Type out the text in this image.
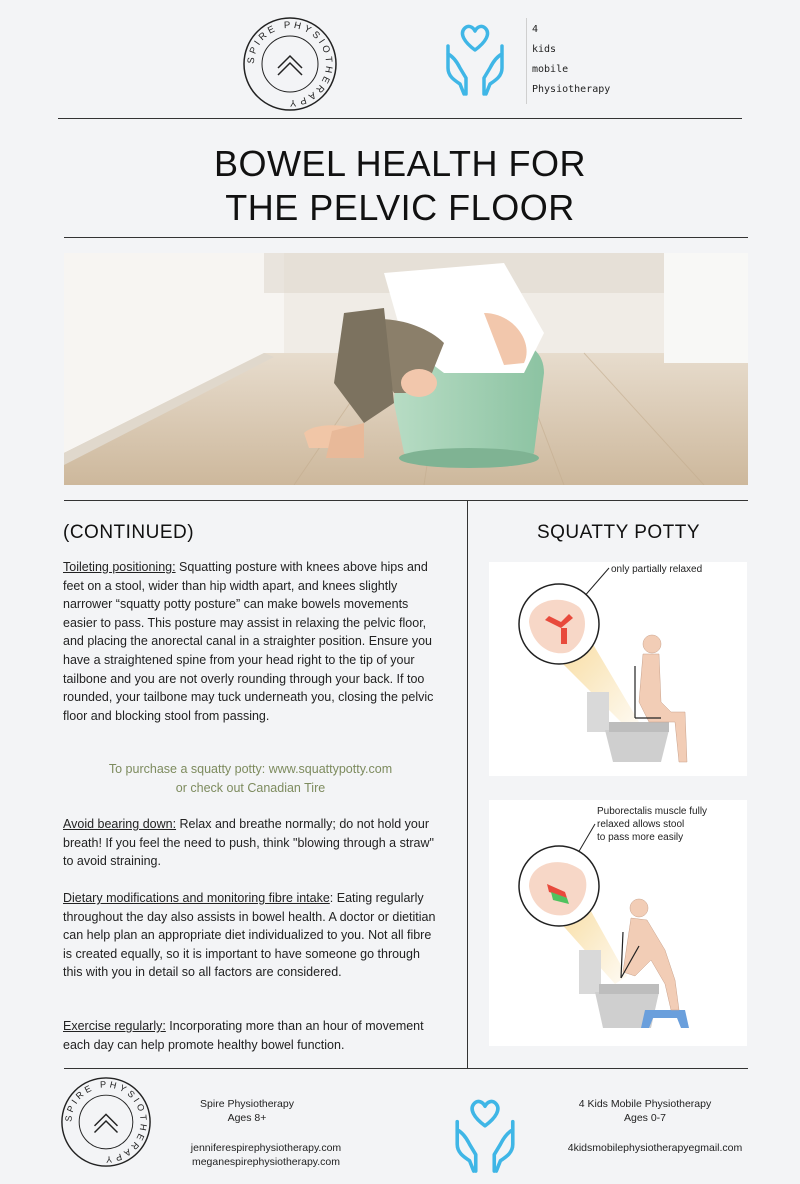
SPIRE PHYSIOTHERAPY
4
kids
mobile
Physiotherapy
BOWEL HEALTH FOR
THE PELVIC FLOOR
(CONTINUED)

Toileting positioning: Squatting posture with knees above hips and feet on a stool, wider than hip width apart, and knees slightly narrower “squatty potty posture” can make bowels movements easier to pass. This posture may assist in relaxing the pelvic floor, and placing the anorectal canal in a straighter position. Ensure you have a straightened spine from your head right to the tip of your tailbone and you are not overly rounding through your back. If too rounded, your tailbone may tuck underneath you, closing the pelvic floor and blocking stool from passing.

To purchase a squatty potty: www.squattypotty.com
or check out Canadian Tire

Avoid bearing down: Relax and breathe normally; do not hold your breath! If you feel the need to push, think "blowing through a straw" to avoid straining.

Dietary modifications and monitoring fibre intake: Eating regularly throughout the day also assists in bowel health. A doctor or dietitian can help plan an appropriate diet individualized to you. Not all fibre is created equally, so it is important to have someone go through this with you in detail so all factors are considered.

Exercise regularly: Incorporating more than an hour of movement each day can help promote healthy bowel function.

SQUATTY POTTY
only partially relaxed
Puborectalis muscle fully
relaxed allows stool
to pass more easily
SPIRE PHYSIOTHERAPY
Spire Physiotherapy
Ages 8+
jenniferespirephysiotherapy.com
meganespirephysiotherapy.com
4 Kids Mobile Physiotherapy
Ages 0-7
4kidsmobilephysiotherapyegmail.com
